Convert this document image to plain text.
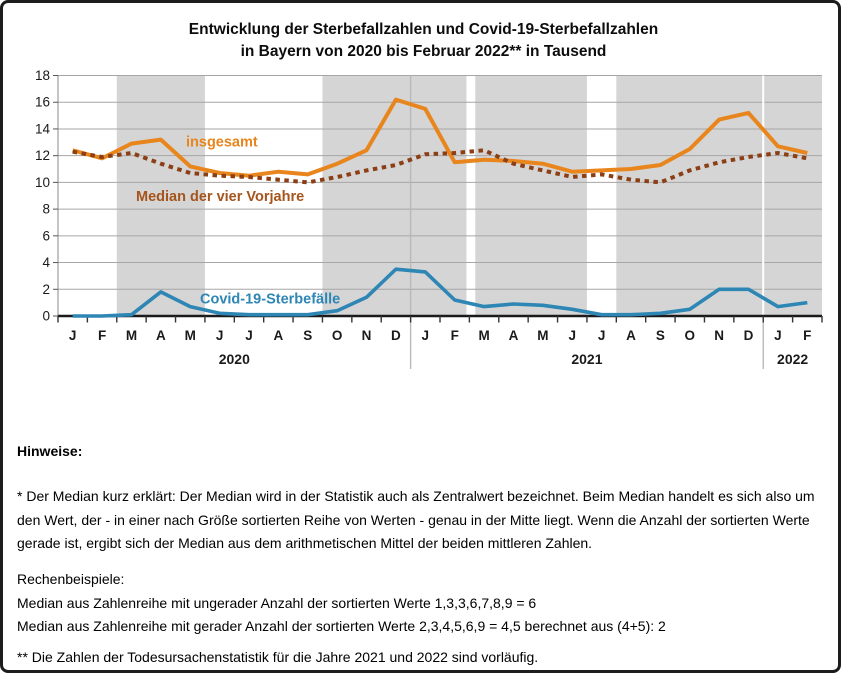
Entwicklung der Sterbefallzahlen und Covid-19-Sterbefallzahlen
in Bayern von 2020 bis Februar 2022** in Tausend
0
2
4
6
8
10
12
14
16
18
J F M A M J J A S O N D J F M A M J J A S O N D J F
2020	2021	2022
insgesamt
Median der vier Vorjahre
Covid-19-Sterbefälle
Hinweise:

* Der Median kurz erklärt: Der Median wird in der Statistik auch als Zentralwert bezeichnet. Beim Median handelt es sich also um den Wert, der - in einer nach Größe sortierten Reihe von Werten - genau in der Mitte liegt. Wenn die Anzahl der sortierten Werte gerade ist, ergibt sich der Median aus dem arithmetischen Mittel der beiden mittleren Zahlen.

Rechenbeispiele:
Median aus Zahlenreihe mit ungerader Anzahl der sortierten Werte 1,3,3,6,7,8,9 = 6
Median aus Zahlenreihe mit gerader Anzahl der sortierten Werte 2,3,4,5,6,9 = 4,5 berechnet aus (4+5): 2

** Die Zahlen der Todesursachenstatistik für die Jahre 2021 und 2022 sind vorläufig.
